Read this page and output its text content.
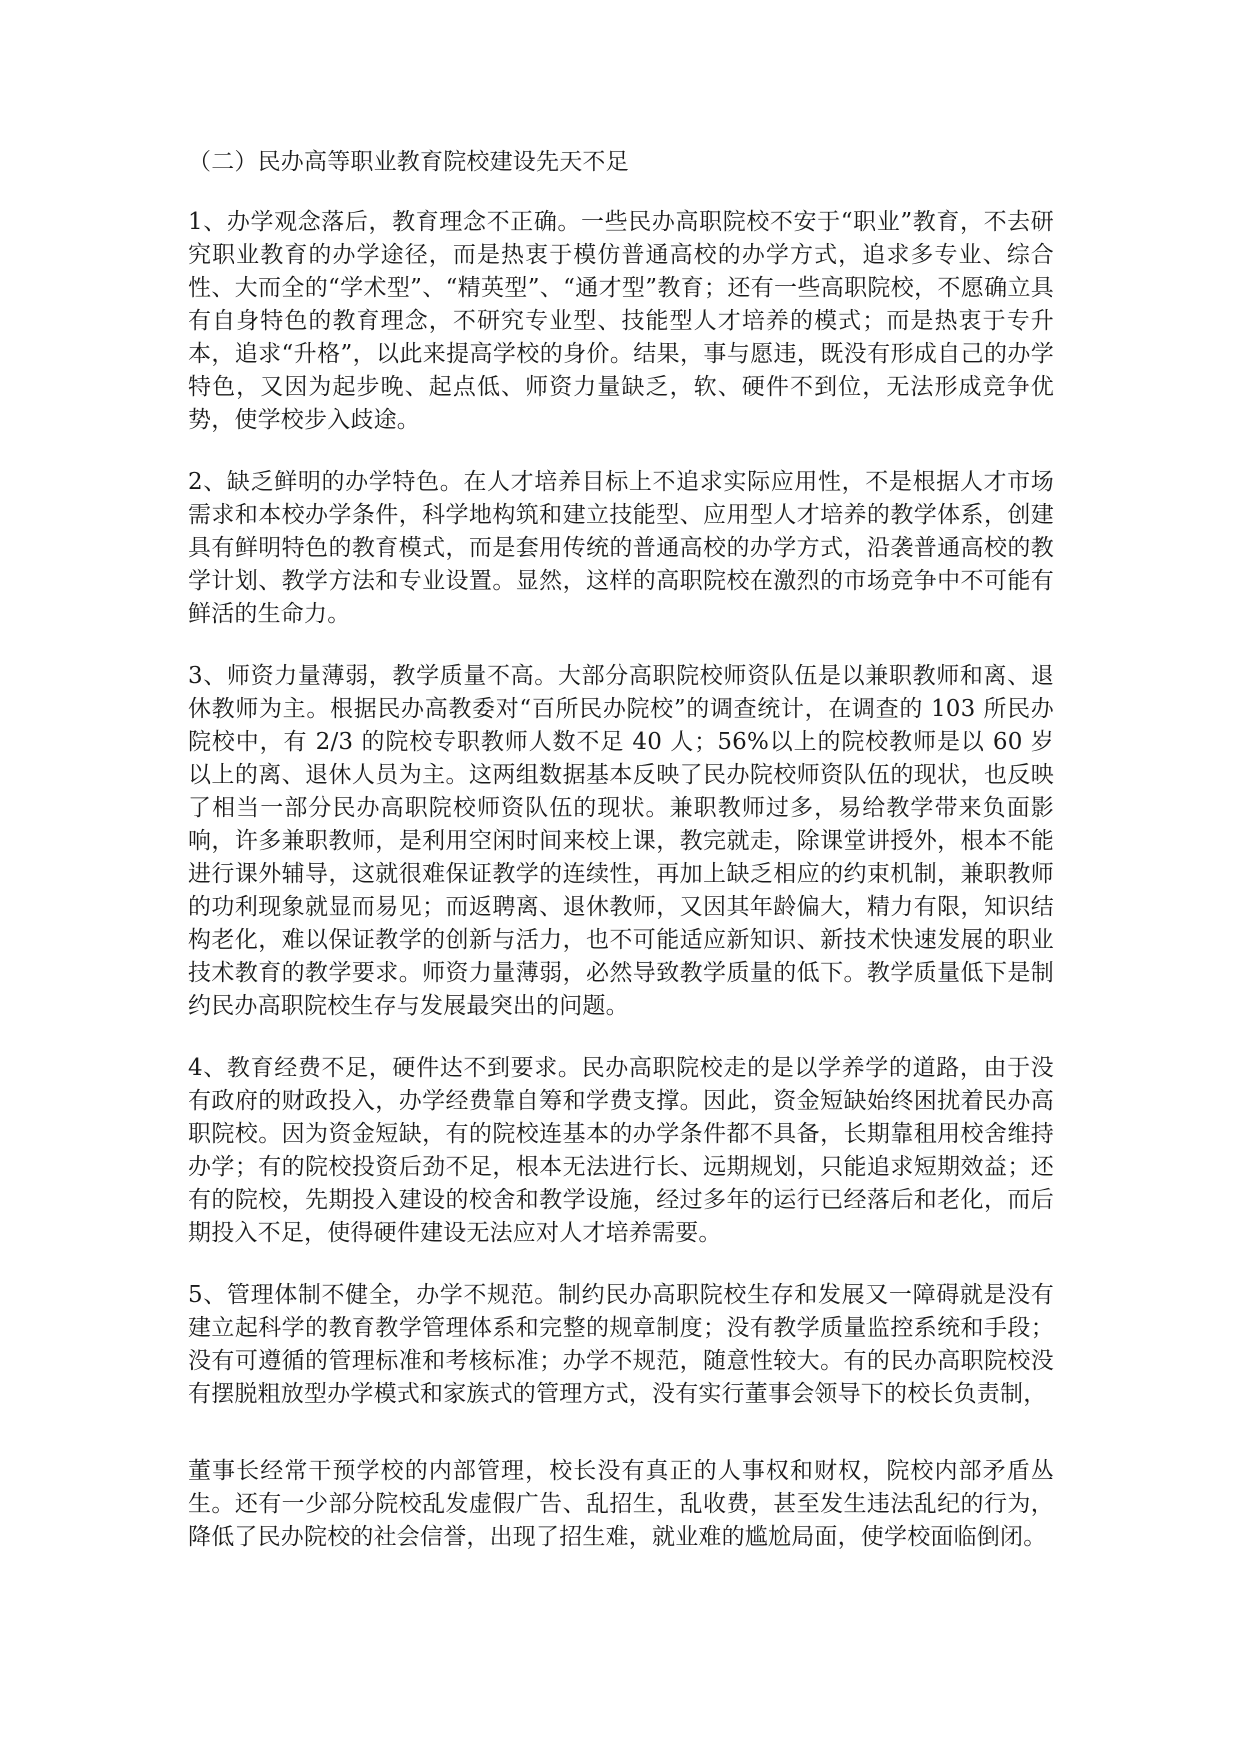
（二）民办高等职业教育院校建设先天不足

1、办学观念落后，教育理念不正确。一些民办高职院校不安于“职业”教育，不去研究职业教育的办学途径，而是热衷于模仿普通高校的办学方式，追求多专业、综合性、大而全的“学术型”、“精英型”、“通才型”教育；还有一些高职院校，不愿确立具有自身特色的教育理念，不研究专业型、技能型人才培养的模式；而是热衷于专升本，追求“升格”，以此来提高学校的身价。结果，事与愿违，既没有形成自己的办学特色，又因为起步晚、起点低、师资力量缺乏，软、硬件不到位，无法形成竞争优势，使学校步入歧途。

2、缺乏鲜明的办学特色。在人才培养目标上不追求实际应用性，不是根据人才市场需求和本校办学条件，科学地构筑和建立技能型、应用型人才培养的教学体系，创建具有鲜明特色的教育模式，而是套用传统的普通高校的办学方式，沿袭普通高校的教学计划、教学方法和专业设置。显然，这样的高职院校在激烈的市场竞争中不可能有鲜活的生命力。

3、师资力量薄弱，教学质量不高。大部分高职院校师资队伍是以兼职教师和离、退休教师为主。根据民办高教委对“百所民办院校”的调查统计，在调查的 103 所民办院校中，有 2/3 的院校专职教师人数不足 40 人；56%以上的院校教师是以 60 岁以上的离、退休人员为主。这两组数据基本反映了民办院校师资队伍的现状，也反映了相当一部分民办高职院校师资队伍的现状。兼职教师过多，易给教学带来负面影响，许多兼职教师，是利用空闲时间来校上课，教完就走，除课堂讲授外，根本不能进行课外辅导，这就很难保证教学的连续性，再加上缺乏相应的约束机制，兼职教师的功利现象就显而易见；而返聘离、退休教师，又因其年龄偏大，精力有限，知识结构老化，难以保证教学的创新与活力，也不可能适应新知识、新技术快速发展的职业技术教育的教学要求。师资力量薄弱，必然导致教学质量的低下。教学质量低下是制约民办高职院校生存与发展最突出的问题。

4、教育经费不足，硬件达不到要求。民办高职院校走的是以学养学的道路，由于没有政府的财政投入，办学经费靠自筹和学费支撑。因此，资金短缺始终困扰着民办高职院校。因为资金短缺，有的院校连基本的办学条件都不具备，长期靠租用校舍维持办学；有的院校投资后劲不足，根本无法进行长、远期规划，只能追求短期效益；还有的院校，先期投入建设的校舍和教学设施，经过多年的运行已经落后和老化，而后期投入不足，使得硬件建设无法应对人才培养需要。

5、管理体制不健全，办学不规范。制约民办高职院校生存和发展又一障碍就是没有建立起科学的教育教学管理体系和完整的规章制度；没有教学质量监控系统和手段；没有可遵循的管理标准和考核标准；办学不规范，随意性较大。有的民办高职院校没有摆脱粗放型办学模式和家族式的管理方式，没有实行董事会领导下的校长负责制，

董事长经常干预学校的内部管理，校长没有真正的人事权和财权，院校内部矛盾丛生。还有一少部分院校乱发虚假广告、乱招生，乱收费，甚至发生违法乱纪的行为，降低了民办院校的社会信誉，出现了招生难，就业难的尴尬局面，使学校面临倒闭。
